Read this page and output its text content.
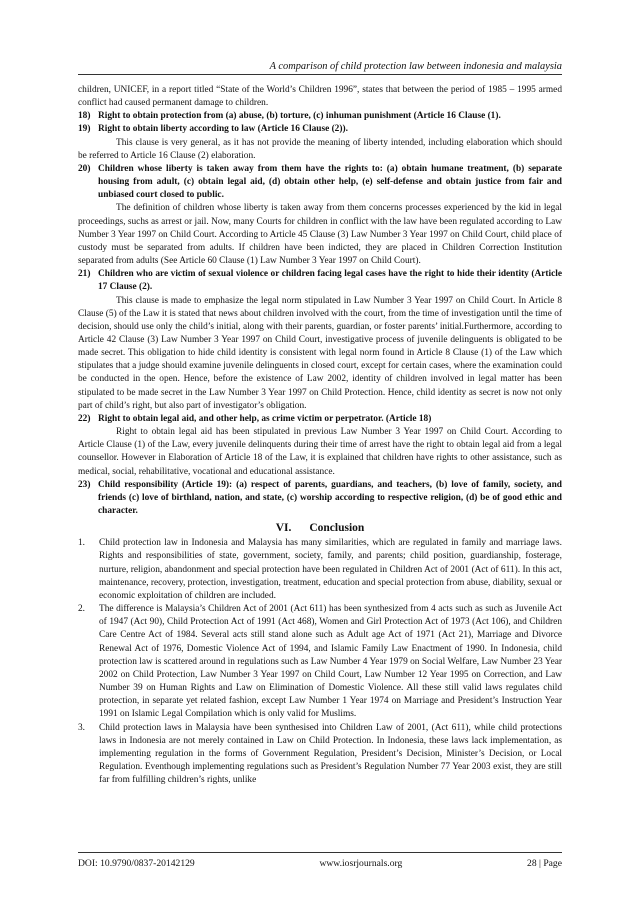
A comparison of child protection law between indonesia and malaysia

children, UNICEF, in a report titled “State of the World’s Children 1996”, states that between the period of 1985 – 1995 armed conflict had caused permanent damage to children.

18) Right to obtain protection from (a) abuse, (b) torture, (c) inhuman punishment (Article 16 Clause (1).
19) Right to obtain liberty according to law (Article 16 Clause (2)).

This clause is very general, as it has not provide the meaning of liberty intended, including elaboration which should be referred to Article 16 Clause (2) elaboration.

20) Children whose liberty is taken away from them have the rights to: (a) obtain humane treatment, (b) separate housing from adult, (c) obtain legal aid, (d) obtain other help, (e) self-defense and obtain justice from fair and unbiased court closed to public.

The definition of children whose liberty is taken away from them concerns processes experienced by the kid in legal proceedings, suchs as arrest or jail. Now, many Courts for children in conflict with the law have been regulated according to Law Number 3 Year 1997 on Child Court. According to Article 45 Clause (3) Law Number 3 Year 1997 on Child Court, child place of custody must be separated from adults. If children have been indicted, they are placed in Children Correction Institution separated from adults (See Article 60 Clause (1) Law Number 3 Year 1997 on Child Court).

21) Children who are victim of sexual violence or children facing legal cases have the right to hide their identity (Article 17 Clause (2).

This clause is made to emphasize the legal norm stipulated in Law Number 3 Year 1997 on Child Court. In Article 8 Clause (5) of the Law it is stated that news about children involved with the court, from the time of investigation until the time of decision, should use only the child’s initial, along with their parents, guardian, or foster parents’ initial.Furthermore, according to Article 42 Clause (3) Law Number 3 Year 1997 on Child Court, investigative process of juvenile delinguents is obligated to be made secret. This obligation to hide child identity is consistent with legal norm found in Article 8 Clause (1) of the Law which stipulates that a judge should examine juvenile delinguents in closed court, except for certain cases, where the examination could be conducted in the open. Hence, before the existence of Law 2002, identity of children involved in legal matter has been stipulated to be made secret in the Law Number 3 Year 1997 on Child Protection. Hence, child identity as secret is now not only part of child’s right, but also part of investigator’s obligation.

22) Right to obtain legal aid, and other help, as crime victim or perpetrator. (Article 18)

Right to obtain legal aid has been stipulated in previous Law Number 3 Year 1997 on Child Court. According to Article Clause (1) of the Law, every juvenile delinquents during their time of arrest have the right to obtain legal aid from a legal counsellor. However in Elaboration of Article 18 of the Law, it is explained that children have rights to other assistance, such as medical, social, rehabilitative, vocational and educational assistance.

23) Child responsibility (Article 19): (a) respect of parents, guardians, and teachers, (b) love of family, society, and friends (c) love of birthland, nation, and state, (c) worship according to respective religion, (d) be of good ethic and character.
VI. Conclusion
1.	Child protection law in Indonesia and Malaysia has many similarities, which are regulated in family and marriage laws. Rights and responsibilities of state, government, society, family, and parents; child position, guardianship, fosterage, nurture, religion, abandonment and special protection have been regulated in Children Act of 2001 (Act of 611). In this act, maintenance, recovery, protection, investigation, treatment, education and special protection from abuse, diability, sexual or economic exploitation of children are included.
2.	The difference is Malaysia’s Children Act of 2001 (Act 611) has been synthesized from 4 acts such as such as Juvenile Act of 1947 (Act 90), Child Protection Act of 1991 (Act 468), Women and Girl Protection Act of 1973 (Act 106), and Children Care Centre Act of 1984. Several acts still stand alone such as Adult age Act of 1971 (Act 21), Marriage and Divorce Renewal Act of 1976, Domestic Violence Act of 1994, and Islamic Family Law Enactment of 1990. In Indonesia, child protection law is scattered around in regulations such as Law Number 4 Year 1979 on Social Welfare, Law Number 23 Year 2002 on Child Protection, Law Number 3 Year 1997 on Child Court, Law Number 12 Year 1995 on Correction, and Law Number 39 on Human Rights and Law on Elimination of Domestic Violence. All these still valid laws regulates child protection, in separate yet related fashion, except Law Number 1 Year 1974 on Marriage and President’s Instruction Year 1991 on Islamic Legal Compilation which is only valid for Muslims.
3.	Child protection laws in Malaysia have been synthesised into Children Law of 2001, (Act 611), while child protections laws in Indonesia are not merely contained in Law on Child Protection. In Indonesia, these laws lack implementation, as implementing regulation in the forms of Government Regulation, President’s Decision, Minister’s Decision, or Local Regulation. Eventhough implementing regulations such as President’s Regulation Number 77 Year 2003 exist, they are still far from fulfilling children’s rights, unlike
DOI: 10.9790/0837-20142129	www.iosrjournals.org	28 | Page
